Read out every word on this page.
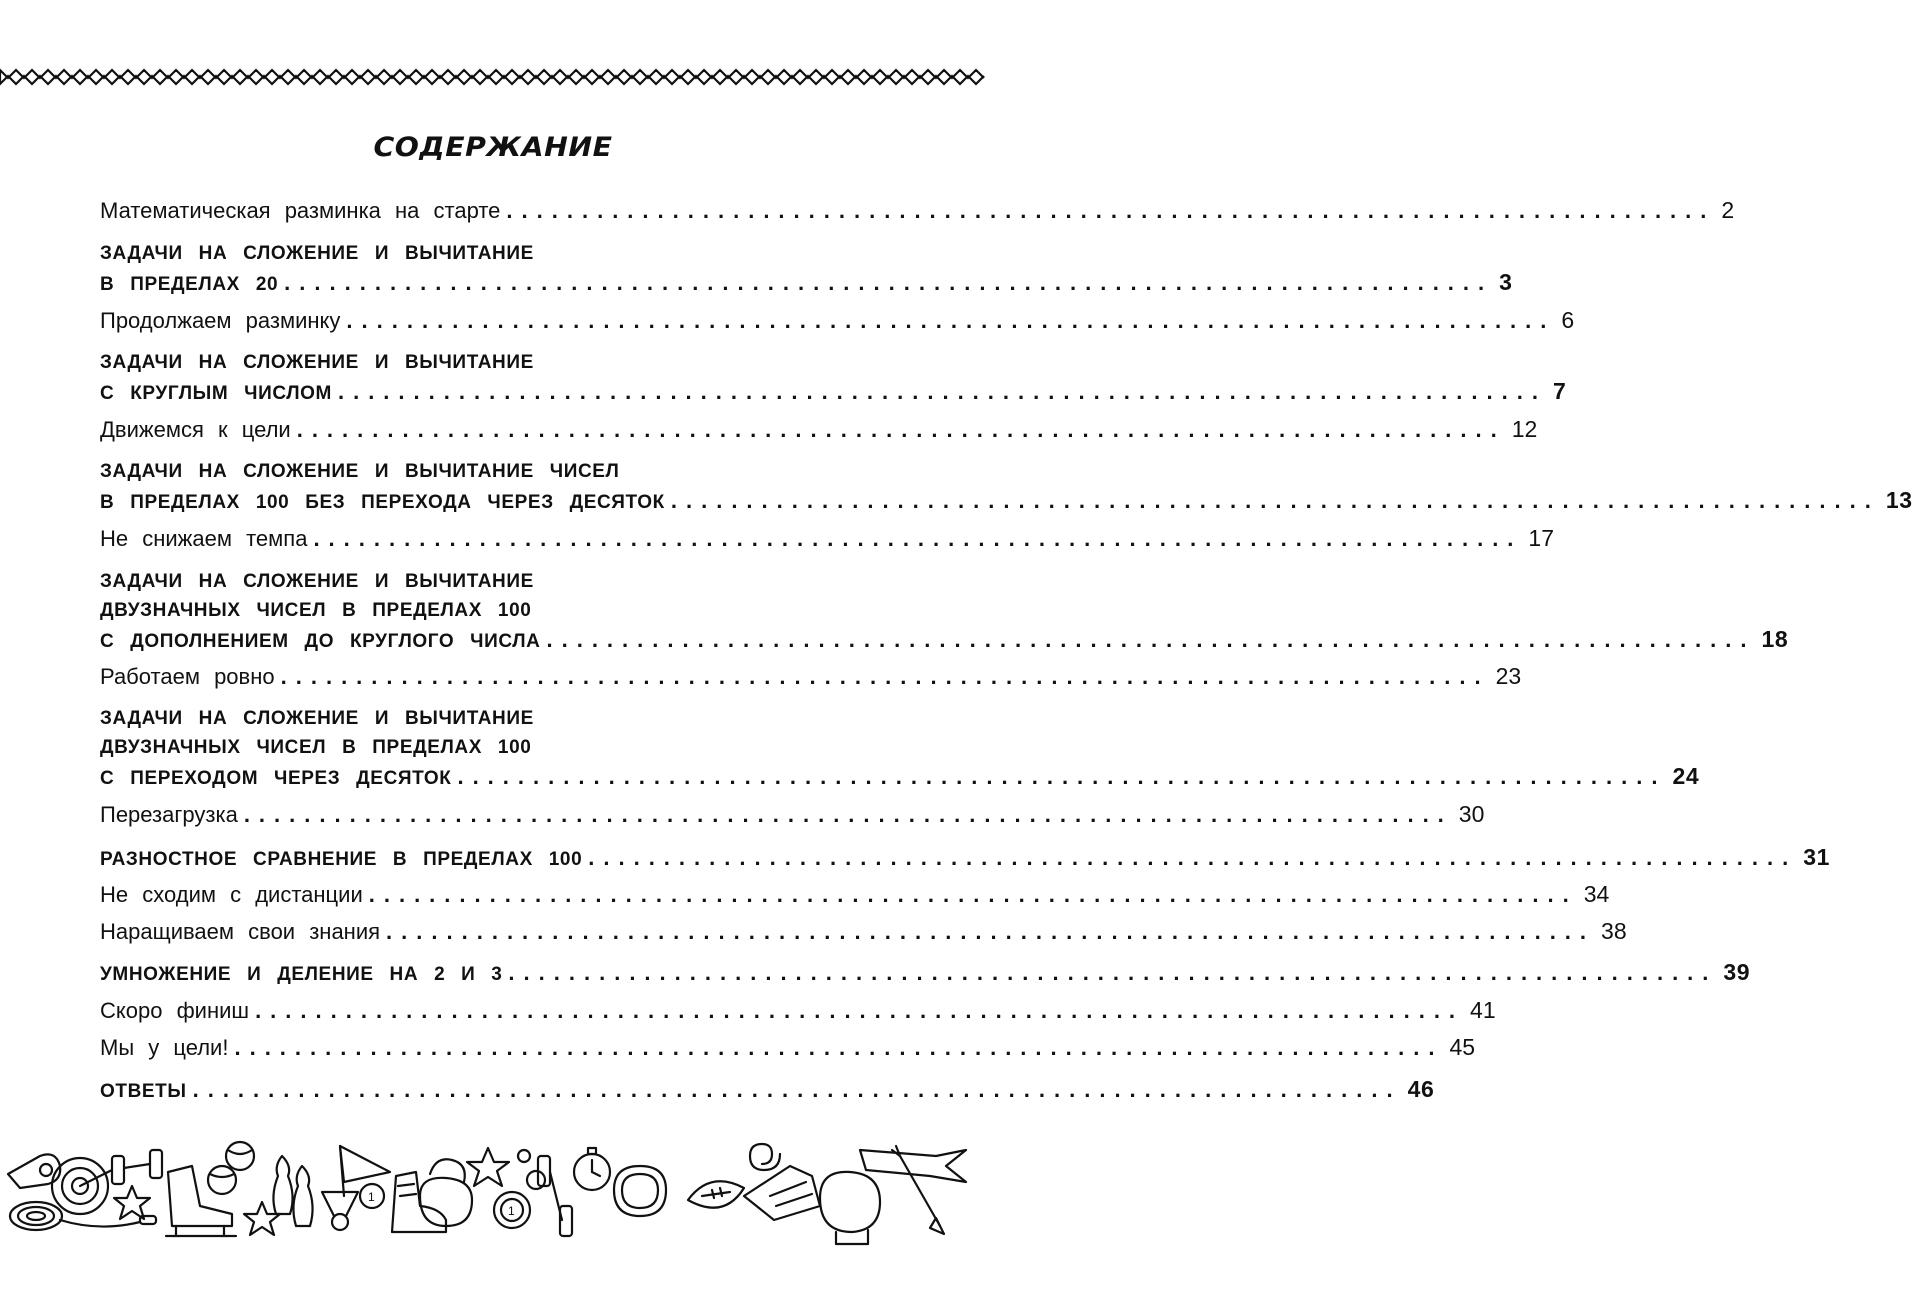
СОДЕРЖАНИЕ
Математическая разминка на старте ................................................................................ 2
ЗАДАЧИ НА СЛОЖЕНИЕ И ВЫЧИТАНИЕ
В ПРЕДЕЛАХ 20 ................................................................................ 3
Продолжаем разминку ................................................................................ 6
ЗАДАЧИ НА СЛОЖЕНИЕ И ВЫЧИТАНИЕ
С КРУГЛЫМ ЧИСЛОМ ................................................................................ 7
Движемся к цели ................................................................................ 12
ЗАДАЧИ НА СЛОЖЕНИЕ И ВЫЧИТАНИЕ ЧИСЕЛ
В ПРЕДЕЛАХ 100 БЕЗ ПЕРЕХОДА ЧЕРЕЗ ДЕСЯТОК ................................................................................ 13
Не снижаем темпа ................................................................................ 17
ЗАДАЧИ НА СЛОЖЕНИЕ И ВЫЧИТАНИЕ
ДВУЗНАЧНЫХ ЧИСЕЛ В ПРЕДЕЛАХ 100
С ДОПОЛНЕНИЕМ ДО КРУГЛОГО ЧИСЛА ................................................................................ 18
Работаем ровно ................................................................................ 23
ЗАДАЧИ НА СЛОЖЕНИЕ И ВЫЧИТАНИЕ
ДВУЗНАЧНЫХ ЧИСЕЛ В ПРЕДЕЛАХ 100
С ПЕРЕХОДОМ ЧЕРЕЗ ДЕСЯТОК ................................................................................ 24
Перезагрузка ................................................................................ 30
РАЗНОСТНОЕ СРАВНЕНИЕ В ПРЕДЕЛАХ 100 ................................................................................ 31
Не сходим с дистанции ................................................................................ 34
Наращиваем свои знания ................................................................................ 38
УМНОЖЕНИЕ И ДЕЛЕНИЕ НА 2 И 3 ................................................................................ 39
Скоро финиш ................................................................................ 41
Мы у цели! ................................................................................ 45
ОТВЕТЫ ................................................................................ 46
1
1
